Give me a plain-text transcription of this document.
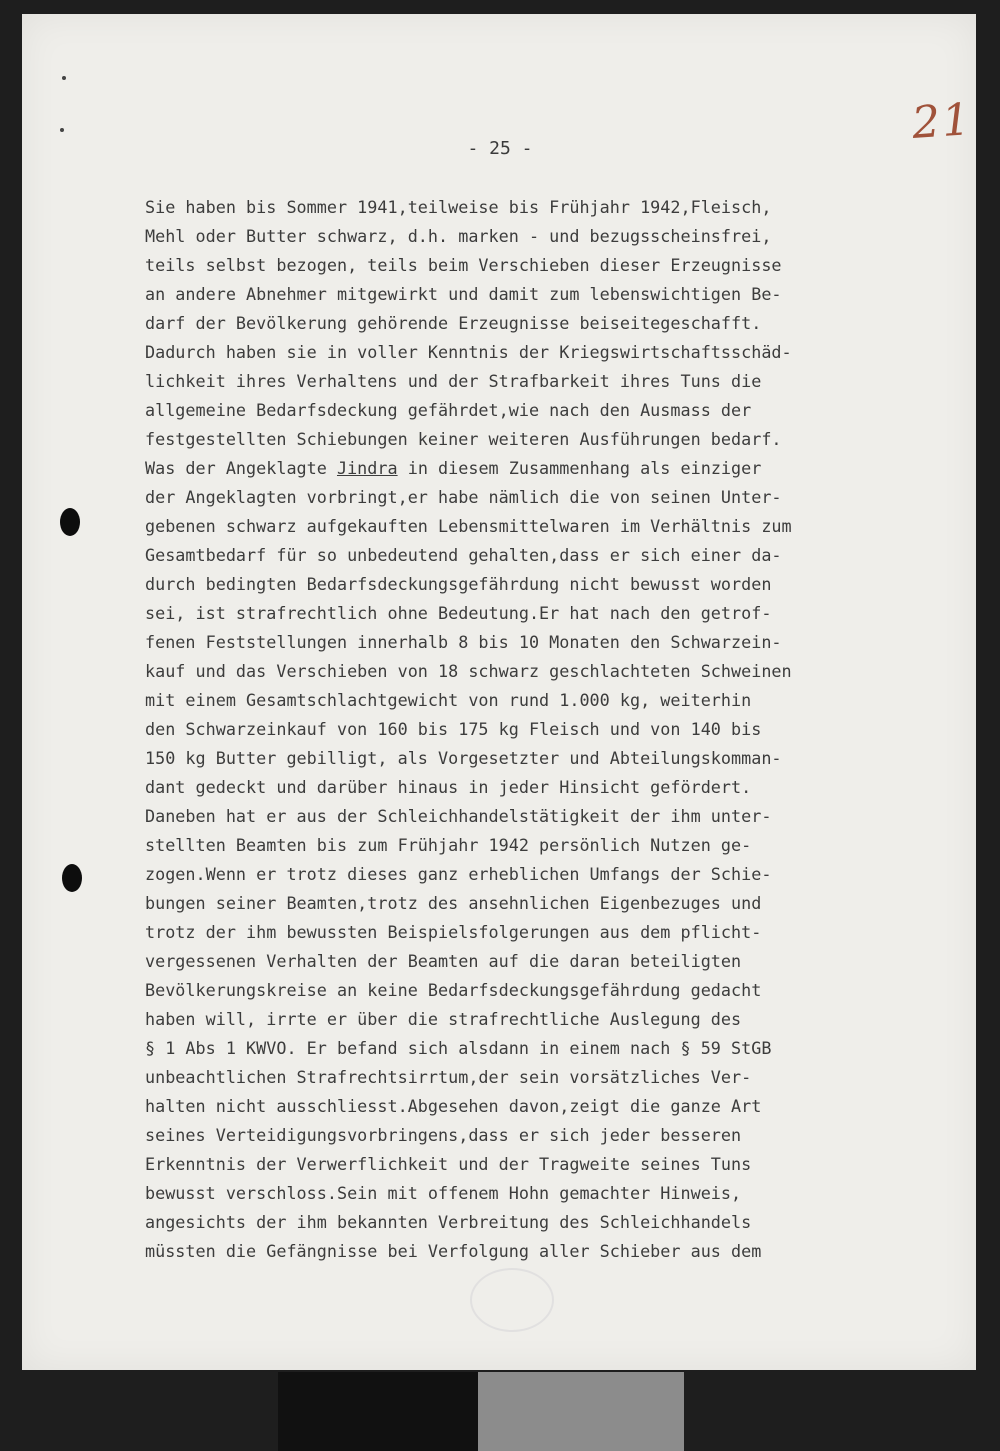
21
- 25 -
Sie haben bis Sommer 1941,teilweise bis Frühjahr 1942,Fleisch,
Mehl oder Butter schwarz, d.h. marken - und bezugsscheinsfrei,
teils selbst bezogen, teils beim Verschieben dieser Erzeugnisse
an andere Abnehmer mitgewirkt und damit zum lebenswichtigen Be-
darf der Bevölkerung gehörende Erzeugnisse beiseitegeschafft.
Dadurch haben sie in voller Kenntnis der Kriegswirtschaftsschäd-
lichkeit ihres Verhaltens und der Strafbarkeit ihres Tuns die
allgemeine Bedarfsdeckung gefährdet,wie nach den Ausmass der
festgestellten Schiebungen keiner weiteren Ausführungen bedarf.
Was der Angeklagte Jindra in diesem Zusammenhang als einziger
der Angeklagten vorbringt,er habe nämlich die von seinen Unter-
gebenen schwarz aufgekauften Lebensmittelwaren im Verhältnis zum
Gesamtbedarf für so unbedeutend gehalten,dass er sich einer da-
durch bedingten Bedarfsdeckungsgefährdung nicht bewusst worden
sei, ist strafrechtlich ohne Bedeutung.Er hat nach den getrof-
fenen Feststellungen innerhalb 8 bis 10 Monaten den Schwarzein-
kauf und das Verschieben von 18 schwarz geschlachteten Schweinen
mit einem Gesamtschlachtgewicht von rund 1.000 kg, weiterhin
den Schwarzeinkauf von 160 bis 175 kg Fleisch und von 140 bis
150 kg Butter gebilligt, als Vorgesetzter und Abteilungskomman-
dant gedeckt und darüber hinaus in jeder Hinsicht gefördert.
Daneben hat er aus der Schleichhandelstätigkeit der ihm unter-
stellten Beamten bis zum Frühjahr 1942 persönlich Nutzen ge-
zogen.Wenn er trotz dieses ganz erheblichen Umfangs der Schie-
bungen seiner Beamten,trotz des ansehnlichen Eigenbezuges und
trotz der ihm bewussten Beispielsfolgerungen aus dem pflicht-
vergessenen Verhalten der Beamten auf die daran beteiligten
Bevölkerungskreise an keine Bedarfsdeckungsgefährdung gedacht
haben will, irrte er über die strafrechtliche Auslegung des
§ 1 Abs 1 KWVO. Er befand sich alsdann in einem nach § 59 StGB
unbeachtlichen Strafrechtsirrtum,der sein vorsätzliches Ver-
halten nicht ausschliesst.Abgesehen davon,zeigt die ganze Art
seines Verteidigungsvorbringens,dass er sich jeder besseren
Erkenntnis der Verwerflichkeit und der Tragweite seines Tuns
bewusst verschloss.Sein mit offenem Hohn gemachter Hinweis,
angesichts der ihm bekannten Verbreitung des Schleichhandels
müssten die Gefängnisse bei Verfolgung aller Schieber aus dem
